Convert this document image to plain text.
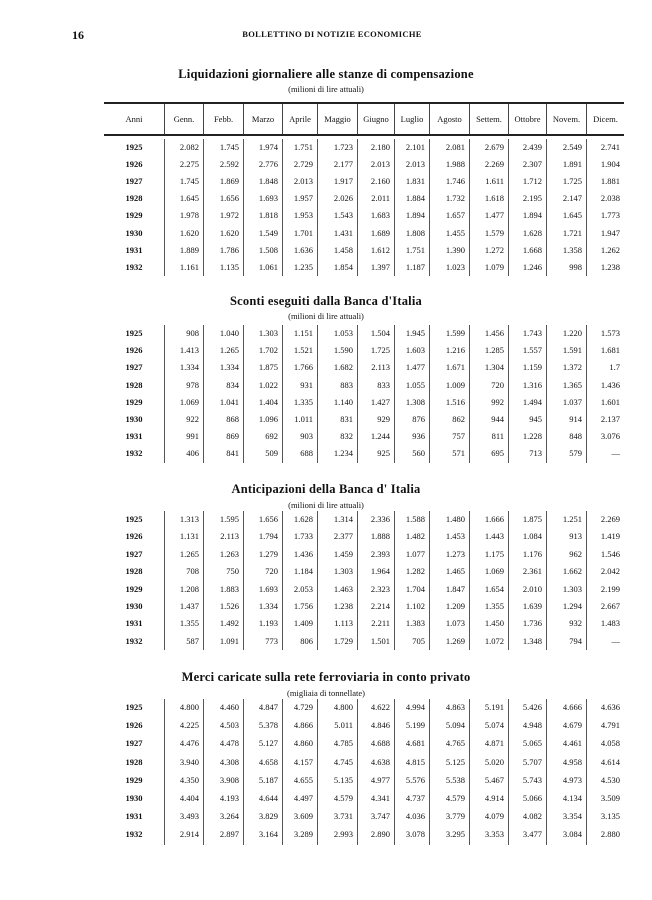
16	BOLLETTINO DI NOTIZIE ECONOMICHE
Liquidazioni giornaliere alle stanze di compensazione
(milioni di lire attuali)
Anni	Genn.	Febb.	Marzo	Aprile	Maggio	Giugno	Luglio	Agosto	Settem.	Ottobre	Novem.	Dicem.
1925	2.082	1.745	1.974	1.751	1.723	2.180	2.101	2.081	2.679	2.439	2.549	2.741
1926	2.275	2.592	2.776	2.729	2.177	2.013	2.013	1.988	2.269	2.307	1.891	1.904
1927	1.745	1.869	1.848	2.013	1.917	2.160	1.831	1.746	1.611	1.712	1.725	1.881
1928	1.645	1.656	1.693	1.957	2.026	2.011	1.884	1.732	1.618	2.195	2.147	2.038
1929	1.978	1.972	1.818	1.953	1.543	1.683	1.894	1.657	1.477	1.894	1.645	1.773
1930	1.620	1.620	1.549	1.701	1.431	1.689	1.808	1.455	1.579	1.628	1.721	1.947
1931	1.889	1.786	1.508	1.636	1.458	1.612	1.751	1.390	1.272	1.668	1.358	1.262
1932	1.161	1.135	1.061	1.235	1.854	1.397	1.187	1.023	1.079	1.246	998	1.238
Sconti eseguiti dalla Banca d'Italia
(milioni di lire attuali)
1925	908	1.040	1.303	1.151	1.053	1.504	1.945	1.599	1.456	1.743	1.220	1.573
1926	1.413	1.265	1.702	1.521	1.590	1.725	1.603	1.216	1.285	1.557	1.591	1.681
1927	1.334	1.334	1.875	1.766	1.682	2.113	1.477	1.671	1.304	1.159	1.372	1.7
1928	978	834	1.022	931	883	833	1.055	1.009	720	1.316	1.365	1.436
1929	1.069	1.041	1.404	1.335	1.140	1.427	1.308	1.516	992	1.494	1.037	1.601
1930	922	868	1.096	1.011	831	929	876	862	944	945	914	2.137
1931	991	869	692	903	832	1.244	936	757	811	1.228	848	3.076
1932	406	841	509	688	1.234	925	560	571	695	713	579	—
Anticipazioni della Banca d' Italia
(milioni di lire attuali)
1925	1.313	1.595	1.656	1.628	1.314	2.336	1.588	1.480	1.666	1.875	1.251	2.269
1926	1.131	2.113	1.794	1.733	2.377	1.888	1.482	1.453	1.443	1.084	913	1.419
1927	1.265	1.263	1.279	1.436	1.459	2.393	1.077	1.273	1.175	1.176	962	1.546
1928	708	750	720	1.184	1.303	1.964	1.282	1.465	1.069	2.361	1.662	2.042
1929	1.208	1.883	1.693	2.053	1.463	2.323	1.704	1.847	1.654	2.010	1.303	2.199
1930	1.437	1.526	1.334	1.756	1.238	2.214	1.102	1.209	1.355	1.639	1.294	2.667
1931	1.355	1.492	1.193	1.409	1.113	2.211	1.383	1.073	1.450	1.736	932	1.483
1932	587	1.091	773	806	1.729	1.501	705	1.269	1.072	1.348	794	—
Merci caricate sulla rete ferroviaria in conto privato
(migliaia di tonnellate)
1925	4.800	4.460	4.847	4.729	4.800	4.622	4.994	4.863	5.191	5.426	4.666	4.636
1926	4.225	4.503	5.378	4.866	5.011	4.846	5.199	5.094	5.074	4.948	4.679	4.791
1927	4.476	4.478	5.127	4.860	4.785	4.688	4.681	4.765	4.871	5.065	4.461	4.058
1928	3.940	4.308	4.658	4.157	4.745	4.638	4.815	5.125	5.020	5.707	4.958	4.614
1929	4.350	3.908	5.187	4.655	5.135	4.977	5.576	5.538	5.467	5.743	4.973	4.530
1930	4.404	4.193	4.644	4.497	4.579	4.341	4.737	4.579	4.914	5.066	4.134	3.509
1931	3.493	3.264	3.829	3.609	3.731	3.747	4.036	3.779	4.079	4.082	3.354	3.135
1932	2.914	2.897	3.164	3.289	2.993	2.890	3.078	3.295	3.353	3.477	3.084	2.880
